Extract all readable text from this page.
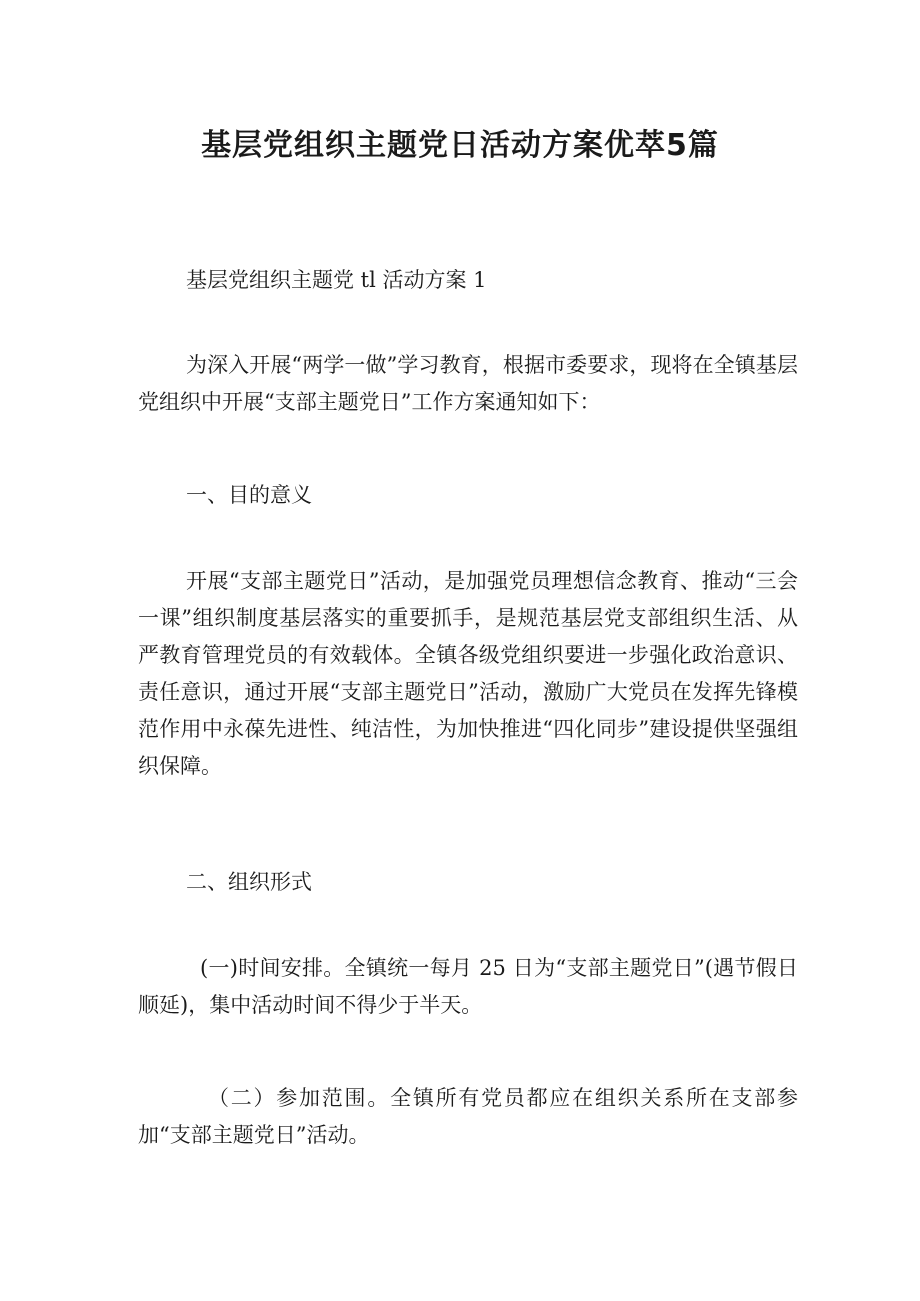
基层党组织主题党日活动方案优萃5篇

基层党组织主题党 tl 活动方案 1

为深入开展“两学一做”学习教育，根据市委要求，现将在全镇基层党组织中开展“支部主题党日”工作方案通知如下：

一、目的意义

开展“支部主题党日”活动，是加强党员理想信念教育、推动“三会一课”组织制度基层落实的重要抓手，是规范基层党支部组织生活、从严教育管理党员的有效载体。全镇各级党组织要进一步强化政治意识、责任意识，通过开展“支部主题党日”活动，激励广大党员在发挥先锋模范作用中永葆先进性、纯洁性，为加快推进“四化同步”建设提供坚强组织保障。

二、组织形式

(一)时间安排。全镇统一每月 25 日为“支部主题党日”(遇节假日顺延)，集中活动时间不得少于半天。

（二）参加范围。全镇所有党员都应在组织关系所在支部参加“支部主题党日”活动。
